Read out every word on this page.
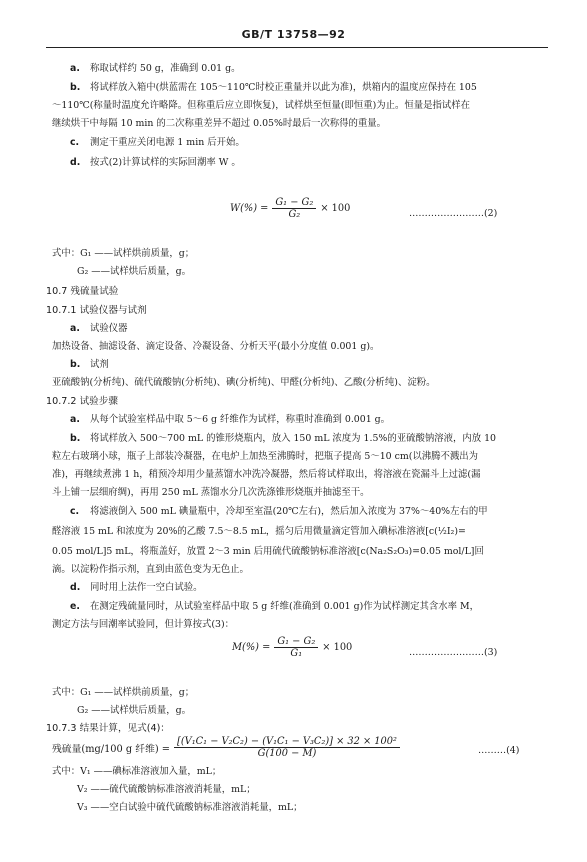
GB/T 13758—92
a. 称取试样约 50 g，准确到 0.01 g。
b. 将试样放入箱中(烘蓝需在 105～110℃时校正重量并以此为准)，烘箱内的温度应保持在 105
～110℃(称量时温度允许略降。但称重后应立即恢复)，试样烘至恒量(即恒重)为止。恒量是指试样在
继续烘干中每隔 10 min 的二次称重差异不超过 0.05%时最后一次称得的重量。
c. 测定干重应关闭电源 1 min 后开始。
d. 按式(2)计算试样的实际回潮率 W 。
$W(\%) = \frac{\text{G₁ − G₂}}{\text{G₂}} \times 100$	……………………(2)
式中：G₁ ——试样烘前质量，g；
G₂ ——试样烘后质量，g。
10.7 残硫量试验
10.7.1 试验仪器与试剂
a. 试验仪器
加热设备、抽滤设备、滴定设备、冷凝设备、分析天平(最小分度值 0.001 g)。
b. 试剂
亚硫酸钠(分析纯)、硫代硫酸钠(分析纯)、碘(分析纯)、甲醛(分析纯)、乙酸(分析纯)、淀粉。
10.7.2 试验步骤
a. 从每个试验室样品中取 5～6 g 纤维作为试样，称重时准确到 0.001 g。
b. 将试样放入 500～700 mL 的锥形烧瓶内，放入 150 mL 浓度为 1.5%的亚硫酸钠溶液，内放 10
粒左右玻璃小球，瓶子上部装冷凝器，在电炉上加热至沸腾时，把瓶子提高 5～10 cm(以沸腾不溅出为
准)，再继续煮沸 1 h，稍预冷却用少量蒸馏水冲洗冷凝器，然后将试样取出，将溶液在瓷漏斗上过滤(漏
斗上铺一层细府绸)，再用 250 mL 蒸馏水分几次洗涤锥形烧瓶并抽滤至干。
c. 将滤液倒入 500 mL 碘量瓶中，冷却至室温(20℃左右)，然后加入浓度为 37%～40%左右的甲
醛溶液 15 mL 和浓度为 20%的乙酸 7.5～8.5 mL，摇匀后用微量滴定管加入碘标准溶液[c(½I₂)=
0.05 mol/L]5 mL，将瓶盖好，放置 2～3 min 后用硫代硫酸钠标准溶液[c(Na₂S₂O₃)=0.05 mol/L]回
滴。以淀粉作指示剂，直到由蓝色变为无色止。
d. 同时用上法作一空白试验。
e. 在测定残硫量同时，从试验室样品中取 5 g 纤维(准确到 0.001 g)作为试样测定其含水率 M，
测定方法与回潮率试验同，但计算按式(3)：
$M(\%) = \frac{\text{G₁ − G₂}}{\text{G₁}} \times 100$	……………………(3)
式中：G₁ ——试样烘前质量，g；
G₂ ——试样烘后质量，g。
10.7.3 结果计算，见式(4)：
残硫量(mg/100 g 纤维) = $\frac{\text{[(V₁C₁ − V₂C₂) − (V₁C₁ − V₃C₂)] × 32 × 100²}}{G(100 - M)}$	………(4)
式中：V₁ ——碘标准溶液加入量，mL；
V₂ ——硫代硫酸钠标准溶液消耗量，mL；
V₃ ——空白试验中硫代硫酸钠标准溶液消耗量，mL；
